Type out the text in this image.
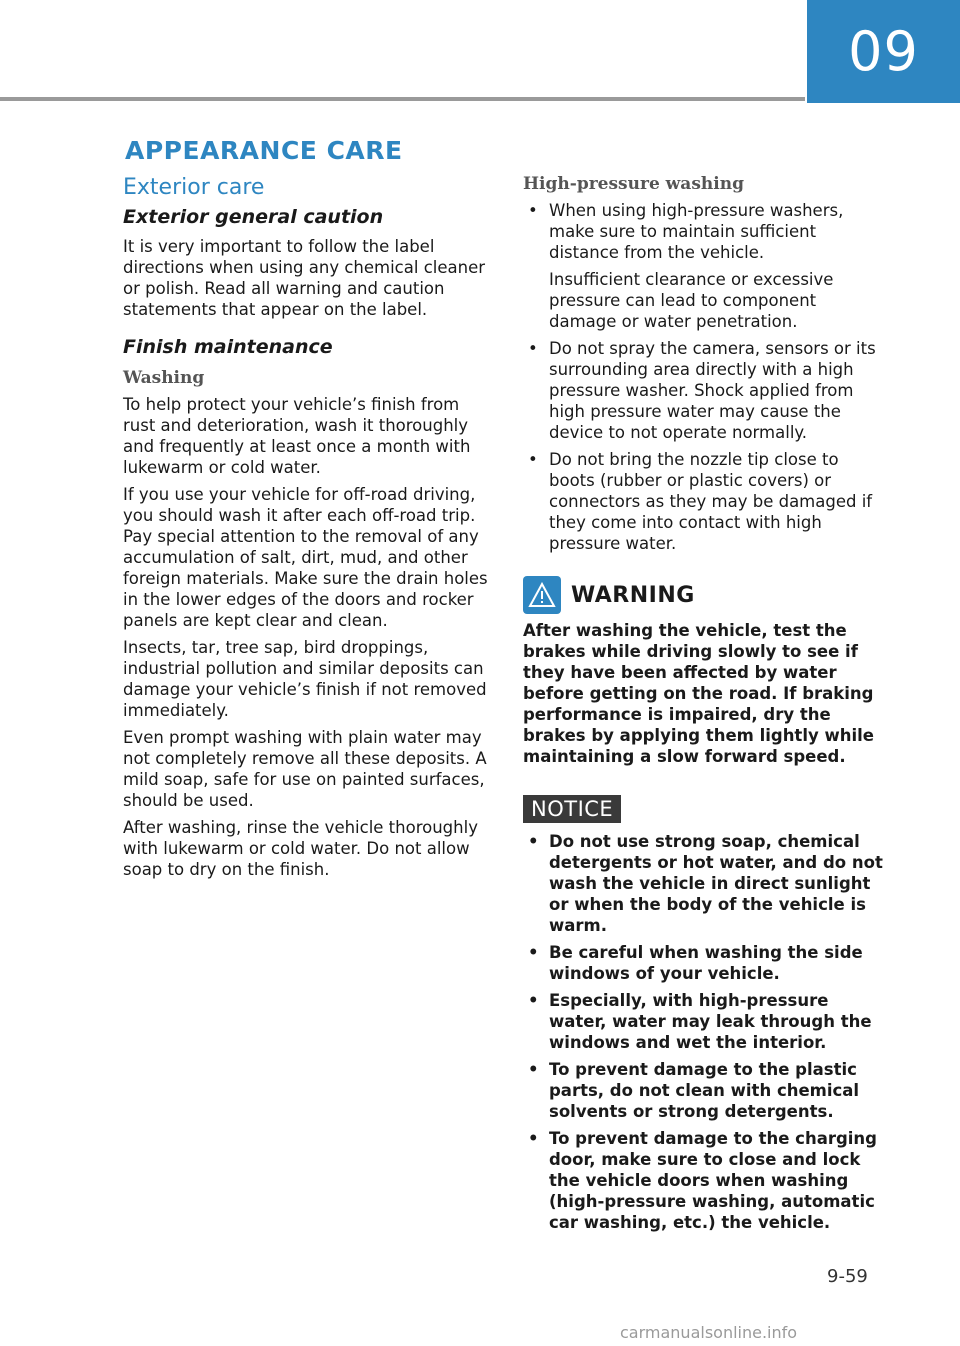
09
APPEARANCE CARE
Exterior care
Exterior general caution

It is very important to follow the label directions when using any chemical cleaner or polish. Read all warning and caution statements that appear on the label.

Finish maintenance
Washing

To help protect your vehicle’s finish from rust and deterioration, wash it thoroughly and frequently at least once a month with lukewarm or cold water.

If you use your vehicle for off-road driving, you should wash it after each off-road trip. Pay special attention to the removal of any accumulation of salt, dirt, mud, and other foreign materials. Make sure the drain holes in the lower edges of the doors and rocker panels are kept clear and clean.

Insects, tar, tree sap, bird droppings, industrial pollution and similar deposits can damage your vehicle’s finish if not removed immediately.

Even prompt washing with plain water may not completely remove all these deposits. A mild soap, safe for use on painted surfaces, should be used.

After washing, rinse the vehicle thoroughly with lukewarm or cold water. Do not allow soap to dry on the finish.

High-pressure washing
• When using high-pressure washers, make sure to maintain sufficient distance from the vehicle.
Insufficient clearance or excessive pressure can lead to component damage or water penetration.
• Do not spray the camera, sensors or its surrounding area directly with a high pressure washer. Shock applied from high pressure water may cause the device to not operate normally.
• Do not bring the nozzle tip close to boots (rubber or plastic covers) or connectors as they may be damaged if they come into contact with high pressure water.
WARNING

After washing the vehicle, test the brakes while driving slowly to see if they have been affected by water before getting on the road. If braking performance is impaired, dry the brakes by applying them lightly while maintaining a slow forward speed.

NOTICE
• Do not use strong soap, chemical detergents or hot water, and do not wash the vehicle in direct sunlight or when the body of the vehicle is warm.
• Be careful when washing the side windows of your vehicle.
• Especially, with high-pressure water, water may leak through the windows and wet the interior.
• To prevent damage to the plastic parts, do not clean with chemical solvents or strong detergents.
• To prevent damage to the charging door, make sure to close and lock the vehicle doors when washing (high-pressure washing, automatic car washing, etc.) the vehicle.
9-59
carmanualsonline.info
